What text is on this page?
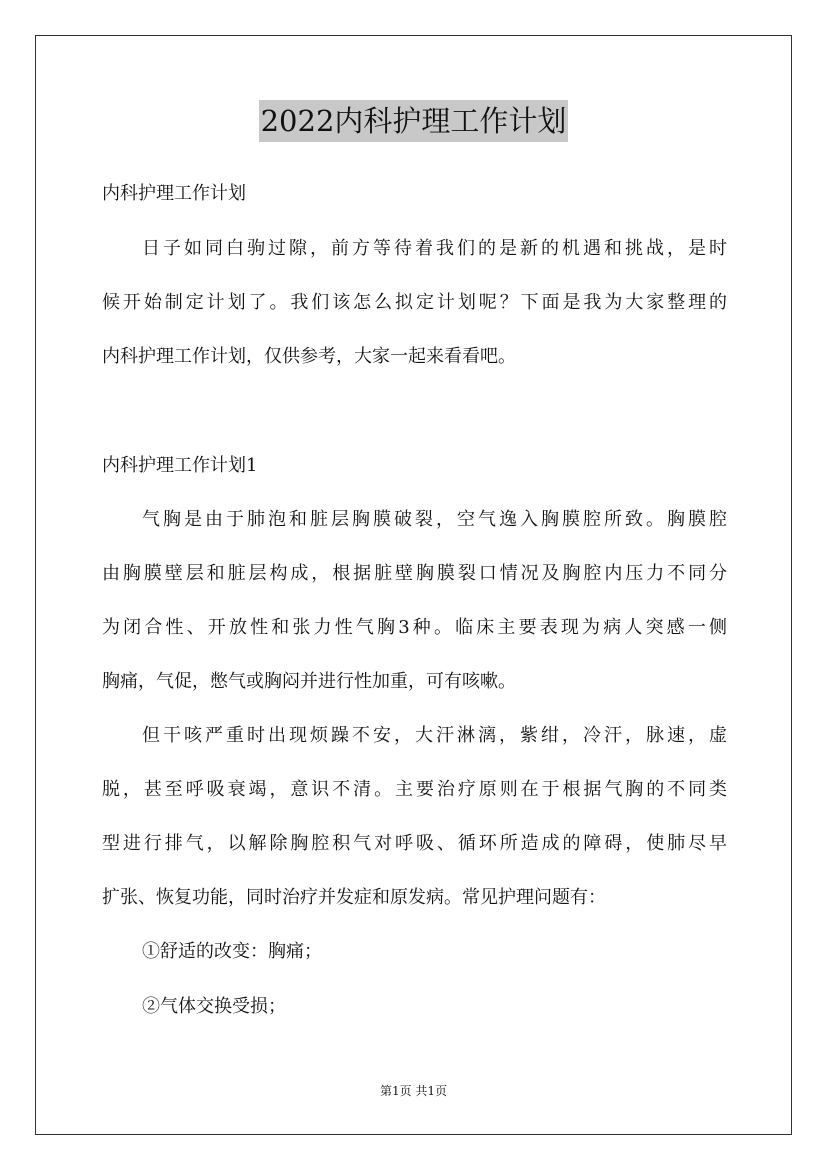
2022内科护理工作计划

内科护理工作计划

日子如同白驹过隙，前方等待着我们的是新的机遇和挑战，是时

候开始制定计划了。我们该怎么拟定计划呢？下面是我为大家整理的

内科护理工作计划，仅供参考，大家一起来看看吧。

内科护理工作计划1

气胸是由于肺泡和脏层胸膜破裂，空气逸入胸膜腔所致。胸膜腔

由胸膜壁层和脏层构成，根据脏壁胸膜裂口情况及胸腔内压力不同分

为闭合性、开放性和张力性气胸3种。临床主要表现为病人突感一侧

胸痛，气促，憋气或胸闷并进行性加重，可有咳嗽。

但干咳严重时出现烦躁不安，大汗淋漓，紫绀，冷汗，脉速，虚

脱，甚至呼吸衰竭，意识不清。主要治疗原则在于根据气胸的不同类

型进行排气，以解除胸腔积气对呼吸、循环所造成的障碍，使肺尽早

扩张、恢复功能，同时治疗并发症和原发病。常见护理问题有：

①舒适的改变：胸痛；

②气体交换受损；

第1页 共1页
